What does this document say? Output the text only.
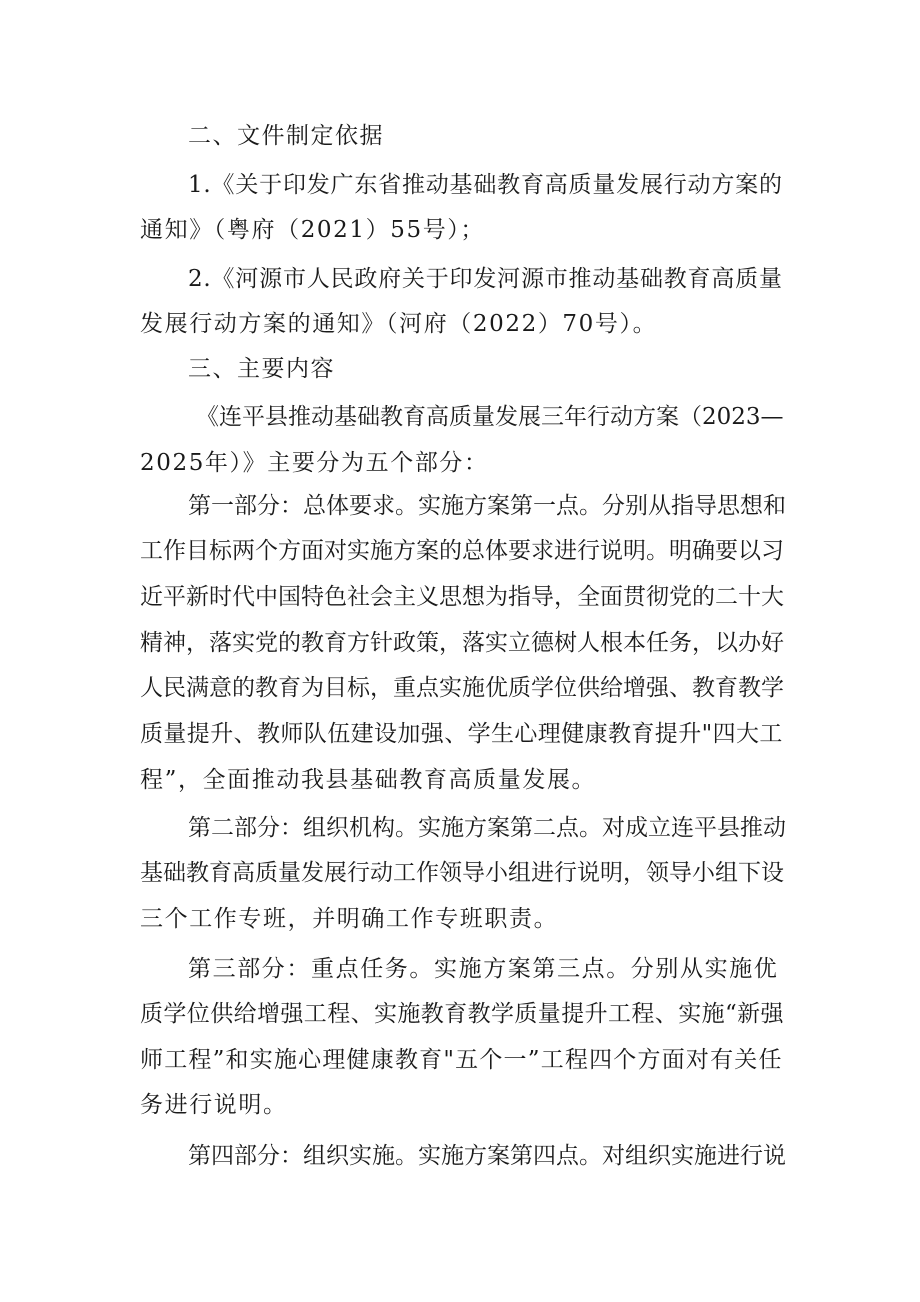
二、文件制定依据
1.《关于印发广东省推动基础教育高质量发展行动方案的
通知》（粤府（2021）55号）；
2.《河源市人民政府关于印发河源市推动基础教育高质量
发展行动方案的通知》（河府（2022）70号）。
三、主要内容
《连平县推动基础教育高质量发展三年行动方案（2023—
2025年）》主要分为五个部分：
第一部分：总体要求。实施方案第一点。分别从指导思想和
工作目标两个方面对实施方案的总体要求进行说明。明确要以习
近平新时代中国特色社会主义思想为指导，全面贯彻党的二十大
精神，落实党的教育方针政策，落实立德树人根本任务，以办好
人民满意的教育为目标，重点实施优质学位供给增强、教育教学
质量提升、教师队伍建设加强、学生心理健康教育提升"四大工
程”，全面推动我县基础教育高质量发展。
第二部分：组织机构。实施方案第二点。对成立连平县推动
基础教育高质量发展行动工作领导小组进行说明，领导小组下设
三个工作专班，并明确工作专班职责。
第三部分：重点任务。实施方案第三点。分别从实施优
质学位供给增强工程、实施教育教学质量提升工程、实施“新强
师工程”和实施心理健康教育"五个一”工程四个方面对有关任
务进行说明。
第四部分：组织实施。实施方案第四点。对组织实施进行说
